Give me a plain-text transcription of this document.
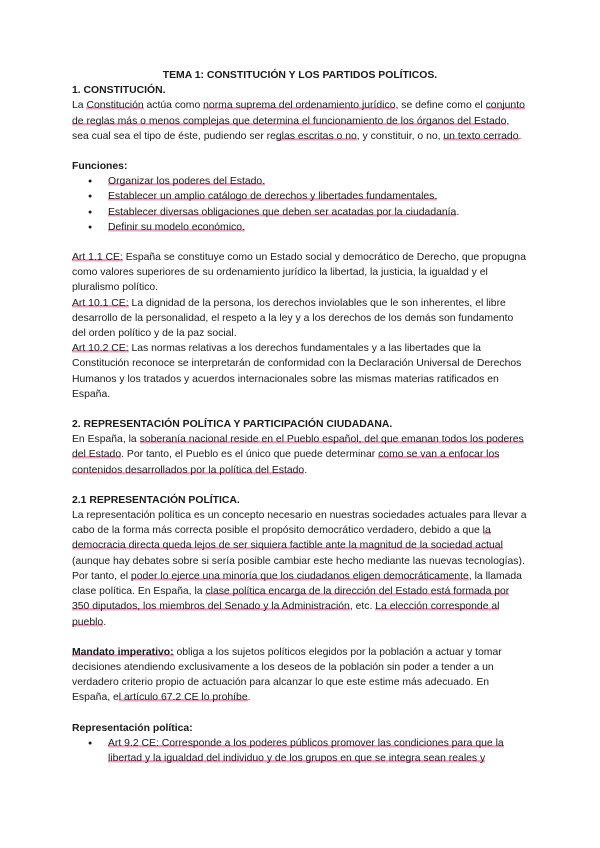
TEMA 1: CONSTITUCIÓN Y LOS PARTIDOS POLÍTICOS.

1. CONSTITUCIÓN.

La Constitución actúa como norma suprema del ordenamiento jurídico, se define como el conjunto de reglas más o menos complejas que determina el funcionamiento de los órganos del Estado, sea cual sea el tipo de éste, pudiendo ser reglas escritas o no, y constituir, o no, un texto cerrado.

Funciones:

● Organizar los poderes del Estado.
● Establecer un amplio catálogo de derechos y libertades fundamentales.
● Establecer diversas obligaciones que deben ser acatadas por la ciudadanía.
● Definir su modelo económico.

Art 1.1 CE: España se constituye como un Estado social y democrático de Derecho, que propugna como valores superiores de su ordenamiento jurídico la libertad, la justicia, la igualdad y el pluralismo político.

Art 10.1 CE: La dignidad de la persona, los derechos inviolables que le son inherentes, el libre desarrollo de la personalidad, el respeto a la ley y a los derechos de los demás son fundamento del orden político y de la paz social.

Art 10.2 CE: Las normas relativas a los derechos fundamentales y a las libertades que la Constitución reconoce se interpretarán de conformidad con la Declaración Universal de Derechos Humanos y los tratados y acuerdos internacionales sobre las mismas materias ratificados en España.

2. REPRESENTACIÓN POLÍTICA Y PARTICIPACIÓN CIUDADANA.

En España, la soberanía nacional reside en el Pueblo español, del que emanan todos los poderes del Estado. Por tanto, el Pueblo es el único que puede determinar como se van a enfocar los contenidos desarrollados por la política del Estado.

2.1 REPRESENTACIÓN POLÍTICA.

La representación política es un concepto necesario en nuestras sociedades actuales para llevar a cabo de la forma más correcta posible el propósito democrático verdadero, debido a que la democracia directa queda lejos de ser siquiera factible ante la magnitud de la sociedad actual (aunque hay debates sobre si sería posible cambiar este hecho mediante las nuevas tecnologías).

Por tanto, el poder lo ejerce una minoría que los ciudadanos eligen democráticamente, la llamada clase política. En España, la clase política encarga de la dirección del Estado está formada por 350 diputados, los miembros del Senado y la Administración, etc. La elección corresponde al pueblo.

Mandato imperativo: obliga a los sujetos políticos elegidos por la población a actuar y tomar decisiones atendiendo exclusivamente a los deseos de la población sin poder a tender a un verdadero criterio propio de actuación para alcanzar lo que este estime más adecuado. En España, el artículo 67.2 CE lo prohíbe.

Representación política:

● Art 9.2 CE: Corresponde a los poderes públicos promover las condiciones para que la libertad y la igualdad del individuo y de los grupos en que se integra sean reales y
